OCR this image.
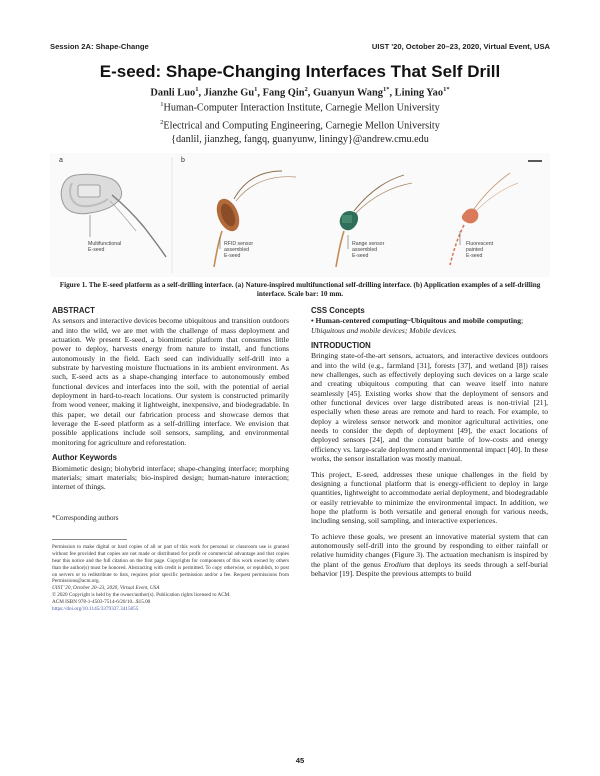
Session 2A: Shape-Change	UIST '20, October 20–23, 2020, Virtual Event, USA
E-seed: Shape-Changing Interfaces That Self Drill
Danli Luo$^1$, Jianzhe Gu$^1$, Fang Qin$^2$, Guanyun Wang$^{1*}$, Lining Yao$^{1*}$
$^1$Human-Computer Interaction Institute, Carnegie Mellon University
$^2$Electrical and Computing Engineering, Carnegie Mellon University
{danlil, jianzheg, fangq, guanyunw, liningy}@andrew.cmu.edu
a	b
Multifunctional
E-seed
RFID sensor
assembled
E-seed
Range sensor
assembled
E-seed
Fluorescent
painted
E-seed
Figure 1. The E-seed platform as a self-drilling interface. (a) Nature-inspired multifunctional self-drilling interface. (b) Application examples of a self-drilling interface. Scale bar: 10 mm.
ABSTRACT

As sensors and interactive devices become ubiquitous and transition outdoors and into the wild, we are met with the challenge of mass deployment and actuation. We present E-seed, a biomimetic platform that consumes little power to deploy, harvests energy from nature to install, and functions autonomously in the field. Each seed can individually self-drill into a substrate by harvesting moisture fluctuations in its ambient environment. As such, E-seed acts as a shape-changing interface to autonomously embed functional devices and interfaces into the soil, with the potential of aerial deployment in hard-to-reach locations. Our system is constructed primarily from wood veneer, making it lightweight, inexpensive, and biodegradable. In this paper, we detail our fabrication process and showcase demos that leverage the E-seed platform as a self-drilling interface. We envision that possible applications include soil sensors, sampling, and environmental monitoring for agriculture and reforestation.

Author Keywords

Biomimetic design; biohybrid interface; shape-changing interface; morphing materials; smart materials; bio-inspired design; human-nature interaction; internet of things.

*Corresponding authors

Permission to make digital or hard copies of all or part of this work for personal or classroom use is granted without fee provided that copies are not made or distributed for profit or commercial advantage and that copies bear this notice and the full citation on the first page. Copyrights for components of this work owned by others than the author(s) must be honored. Abstracting with credit is permitted. To copy otherwise, or republish, to post on servers or to redistribute to lists, requires prior specific permission and/or a fee. Request permissions from Permissions@acm.org.

UIST '20, October 20–23, 2020, Virtual Event, USA

© 2020 Copyright is held by the owner/author(s). Publication rights licensed to ACM.

ACM ISBN 978-1-4503-7514-6/20/10...$15.00

https://doi.org/10.1145/3379337.3415855

CSS Concepts

• Human-centered computing~Ubiquitous and mobile computing; Ubiquitous and mobile devices; Mobile devices.

INTRODUCTION

Bringing state-of-the-art sensors, actuators, and interactive devices outdoors and into the wild (e.g., farmland [31], forests [37], and wetland [8]) raises new challenges, such as effectively deploying such devices on a large scale and creating ubiquitous computing that can weave itself into nature seamlessly [45]. Existing works show that the deployment of sensors and other functional devices over large distributed areas is non-trivial [21], especially when these areas are remote and hard to reach. For example, to deploy a wireless sensor network and monitor agricultural activities, one needs to consider the depth of deployment [49], the exact locations of deployed sensors [24], and the constant battle of low-costs and energy efficiency vs. large-scale deployment and environmental impact [40]. In these works, the sensor installation was mostly manual.

This project, E-seed, addresses these unique challenges in the field by designing a functional platform that is energy-efficient to deploy in large quantities, lightweight to accommodate aerial deployment, and biodegradable or easily retrievable to minimize the environmental impact. In addition, we hope the platform is both versatile and general enough for various needs, including sensing, soil sampling, and interactive experiences.

To achieve these goals, we present an innovative material system that can autonomously self-drill into the ground by responding to either rainfall or relative humidity changes (Figure 3). The actuation mechanism is inspired by the plant of the genus Erodium that deploys its seeds through a self-burial behavior [19]. Despite the previous attempts to build

45
